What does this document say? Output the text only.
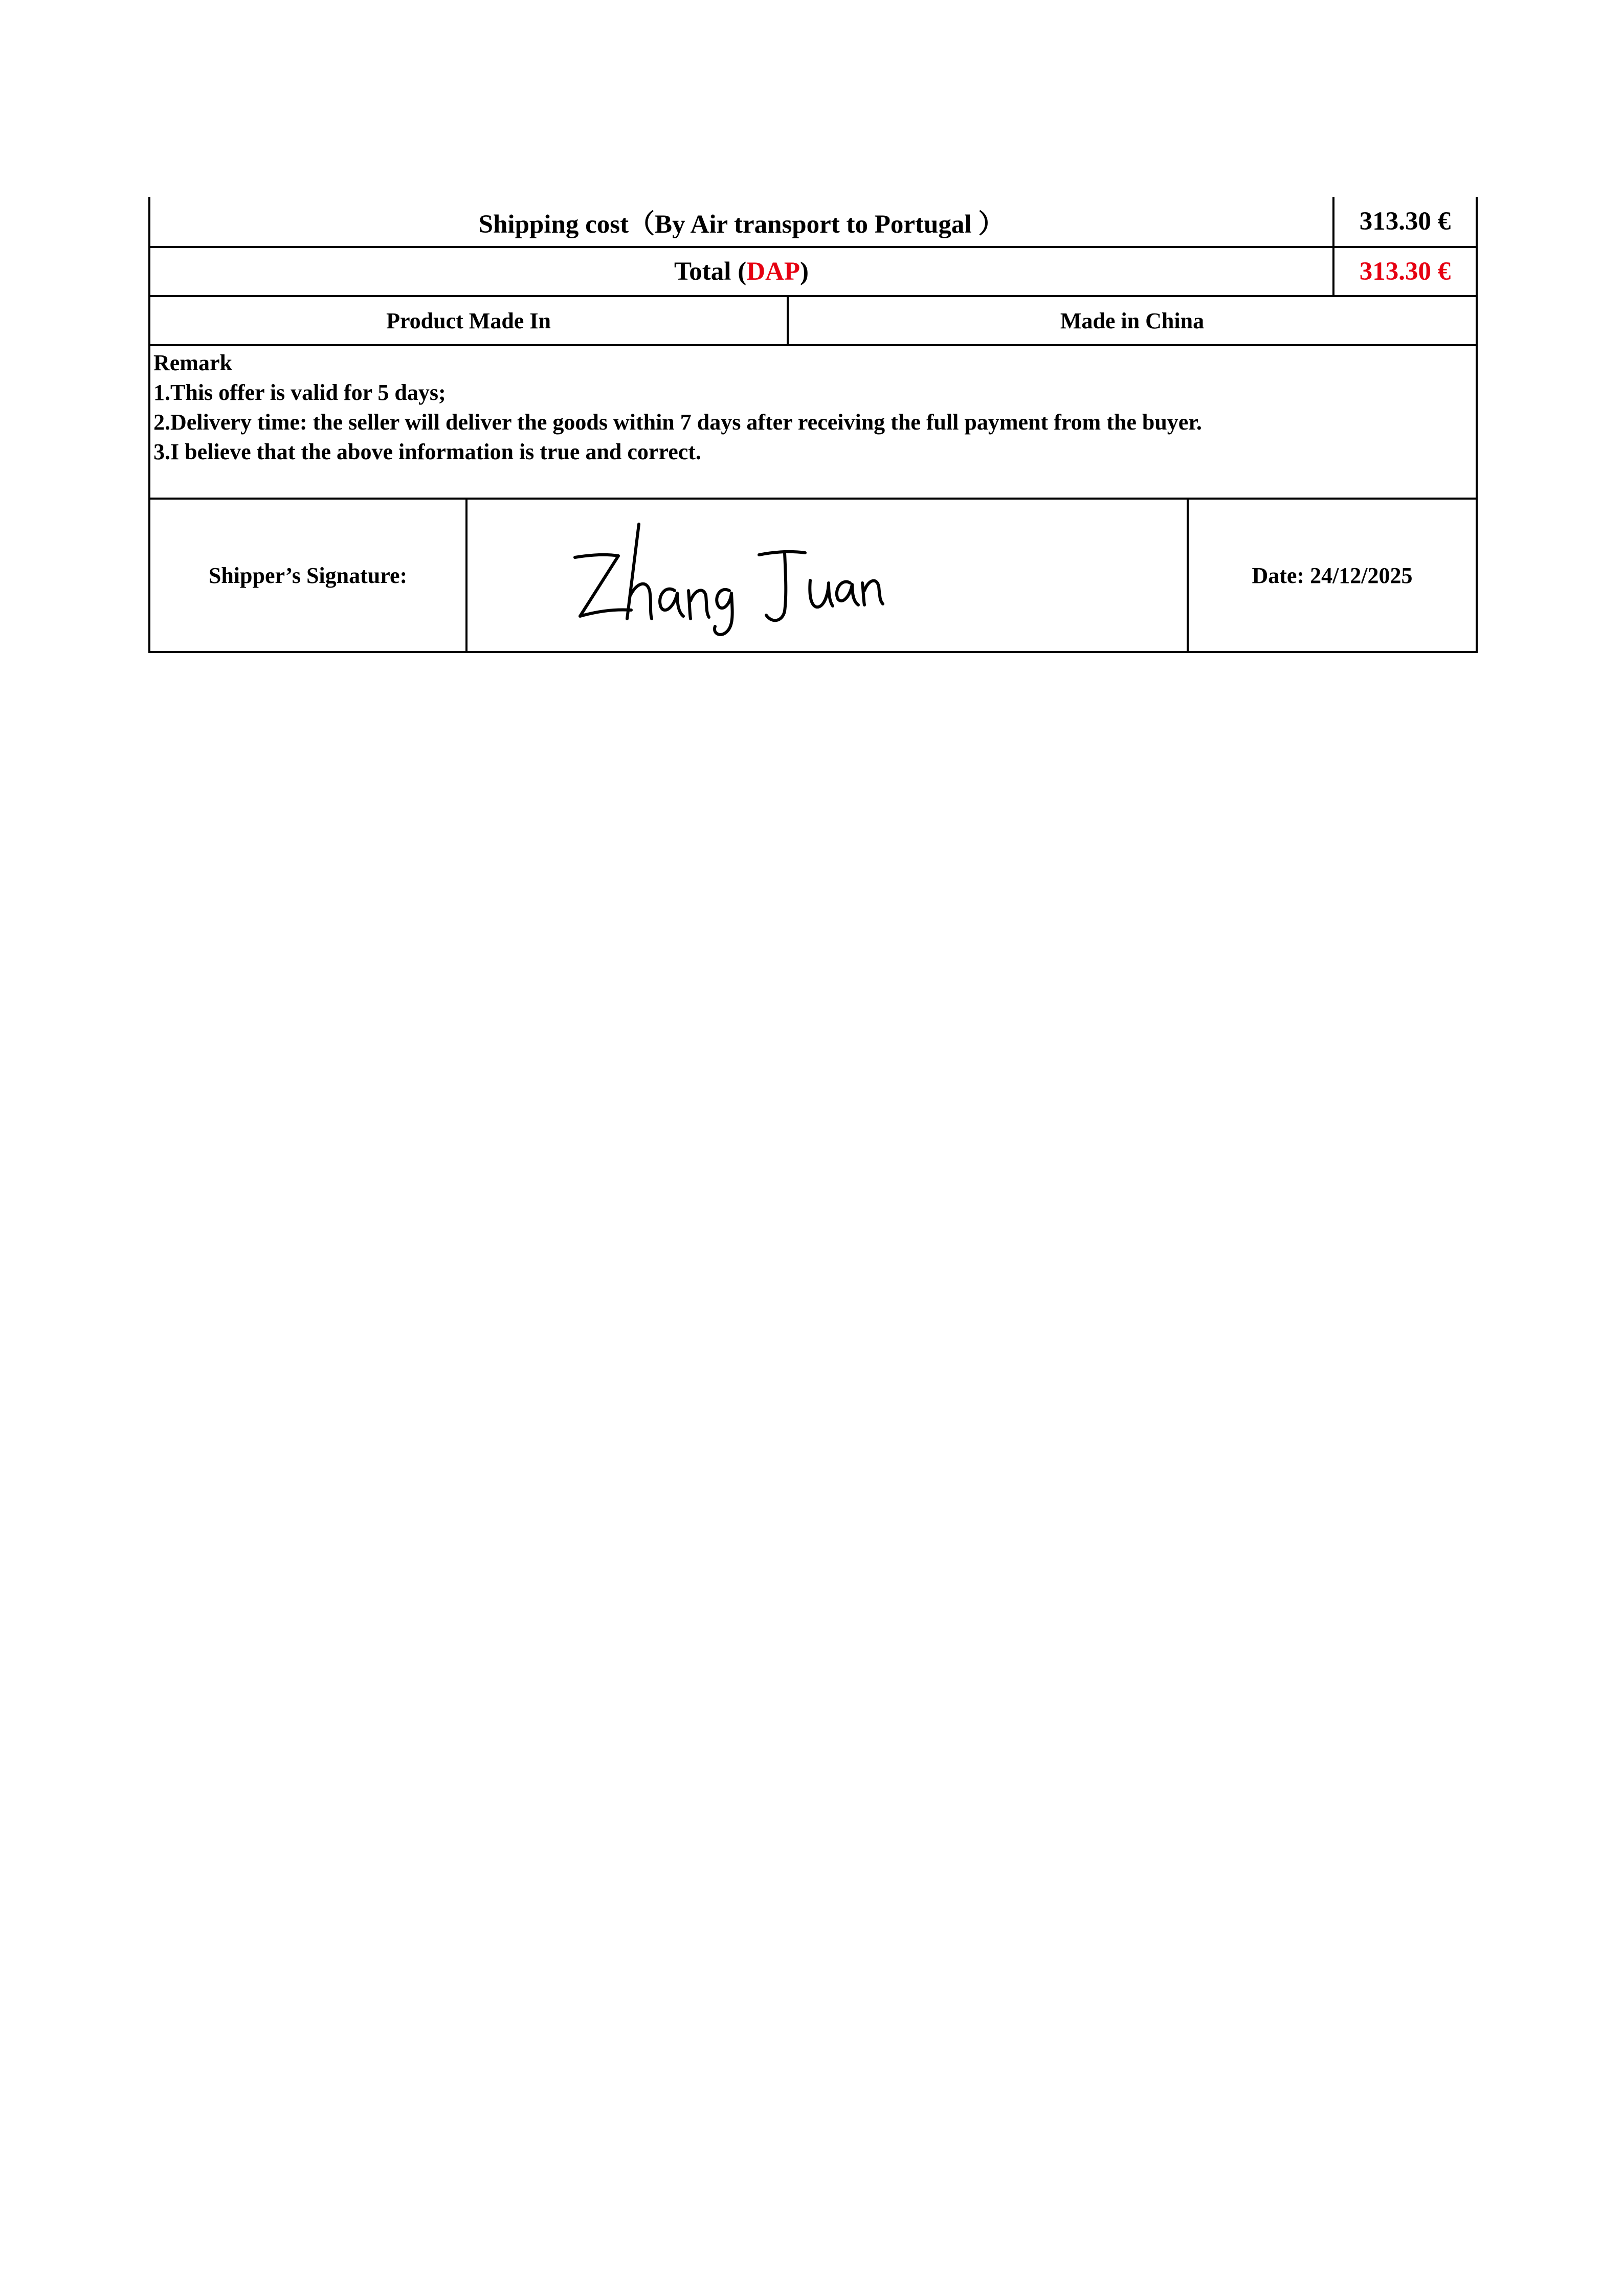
Shipping cost（By Air transport to Portugal ）	313.30 €
Total ( DAP )	313.30 €
Product Made In	Made in China
Remark
1.This offer is valid for 5 days;
2.Delivery time: the seller will deliver the goods within 7 days after receiving the full payment from the buyer.
3.I believe that the above information is true and correct.
Shipper’s Signature:	Date: 24/12/2025
